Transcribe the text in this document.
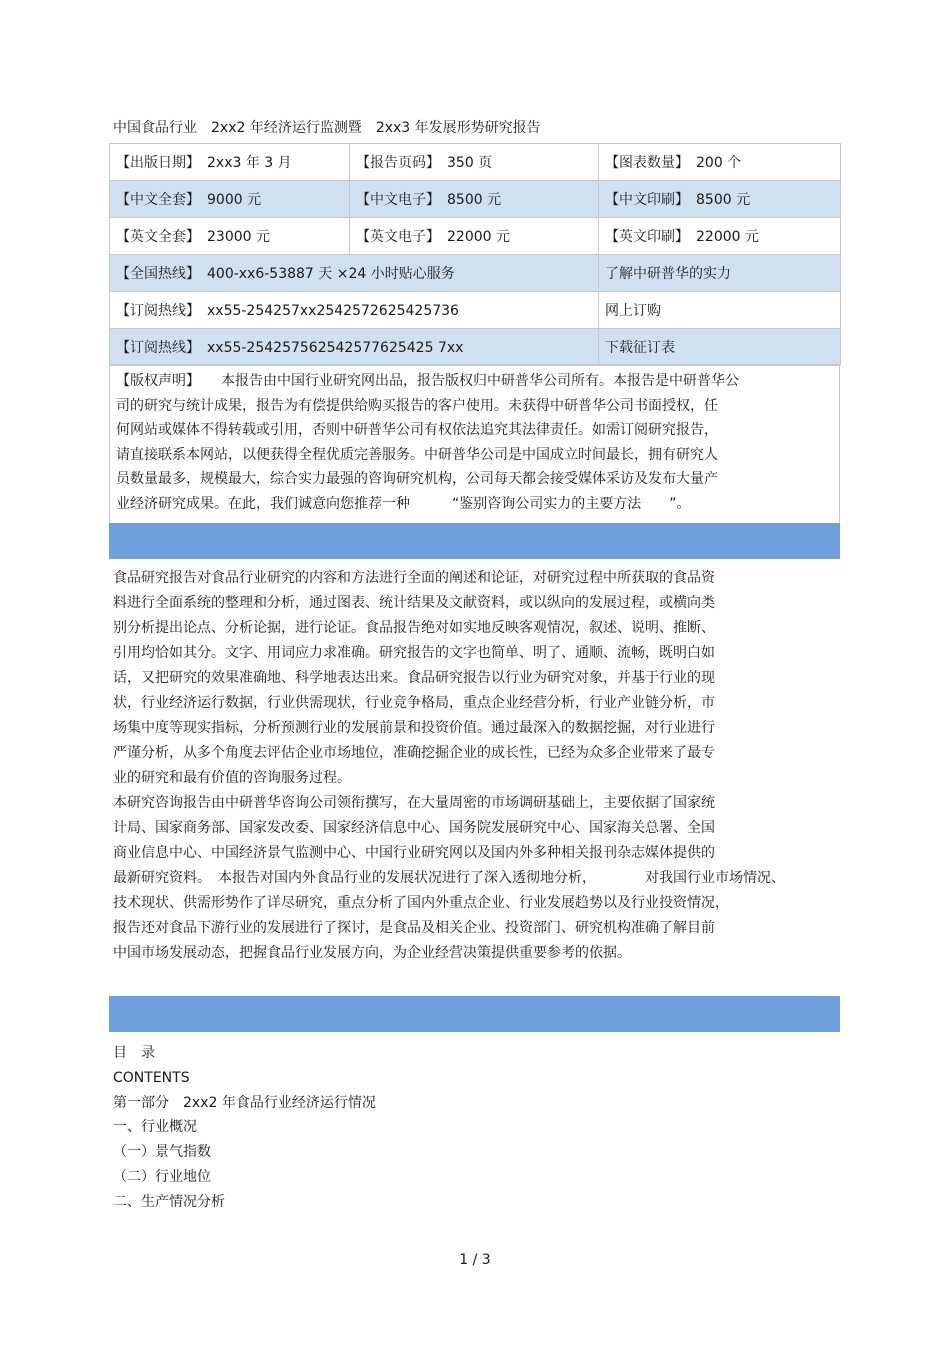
中国食品行业　2xx2 年经济运行监测暨　2xx3 年发展形势研究报告
【出版日期】　2xx3 年 3 月	【报告页码】　350 页	【图表数量】　200 个
【中文全套】　9000 元	【中文电子】　8500 元	【中文印刷】　8500 元
【英文全套】　23000 元	【英文电子】　22000 元	【英文印刷】　22000 元
【全国热线】　400-xx6-53887 天 ×24 小时贴心服务		了解中研普华的实力
【订阅热线】　xx55-254257xx2542572625425736		网上订购
【订阅热线】　xx55-254257562542577625425 7xx		下载征订表
【版权声明】　　本报告由中国行业研究网出品，报告版权归中研普华公司所有。本报告是中研普华公
司的研究与统计成果，报告为有偿提供给购买报告的客户使用。未获得中研普华公司书面授权，任
何网站或媒体不得转载或引用，否则中研普华公司有权依法追究其法律责任。如需订阅研究报告，
请直接联系本网站，以便获得全程优质完善服务。中研普华公司是中国成立时间最长，拥有研究人
员数量最多，规模最大，综合实力最强的咨询研究机构，公司每天都会接受媒体采访及发布大量产
业经济研究成果。在此，我们诚意向您推荐一种　　　“鉴别咨询公司实力的主要方法　　”。
食品研究报告对食品行业研究的内容和方法进行全面的阐述和论证，对研究过程中所获取的食品资
料进行全面系统的整理和分析，通过图表、统计结果及文献资料，或以纵向的发展过程，或横向类
别分析提出论点、分析论据，进行论证。食品报告绝对如实地反映客观情况，叙述、说明、推断、
引用均恰如其分。文字、用词应力求准确。研究报告的文字也简单、明了、通顺、流畅，既明白如
话，又把研究的效果准确地、科学地表达出来。食品研究报告以行业为研究对象，并基于行业的现
状，行业经济运行数据，行业供需现状，行业竞争格局，重点企业经营分析，行业产业链分析，市
场集中度等现实指标，分析预测行业的发展前景和投资价值。通过最深入的数据挖掘，对行业进行
严谨分析，从多个角度去评估企业市场地位，准确挖掘企业的成长性，已经为众多企业带来了最专
业的研究和最有价值的咨询服务过程。
本研究咨询报告由中研普华咨询公司领衔撰写，在大量周密的市场调研基础上，主要依据了国家统
计局、国家商务部、国家发改委、国家经济信息中心、国务院发展研究中心、国家海关总署、全国
商业信息中心、中国经济景气监测中心、中国行业研究网以及国内外多种相关报刊杂志媒体提供的
最新研究资料。　本报告对国内外食品行业的发展状况进行了深入透彻地分析，　　　　对我国行业市场情况、
技术现状、供需形势作了详尽研究，重点分析了国内外重点企业、行业发展趋势以及行业投资情况，
报告还对食品下游行业的发展进行了探讨，是食品及相关企业、投资部门、研究机构准确了解目前
中国市场发展动态，把握食品行业发展方向，为企业经营决策提供重要参考的依据。
目　录
CONTENTS
第一部分　2xx2 年食品行业经济运行情况
一、行业概况
（一）景气指数
（二）行业地位
二、生产情况分析
1 / 3
